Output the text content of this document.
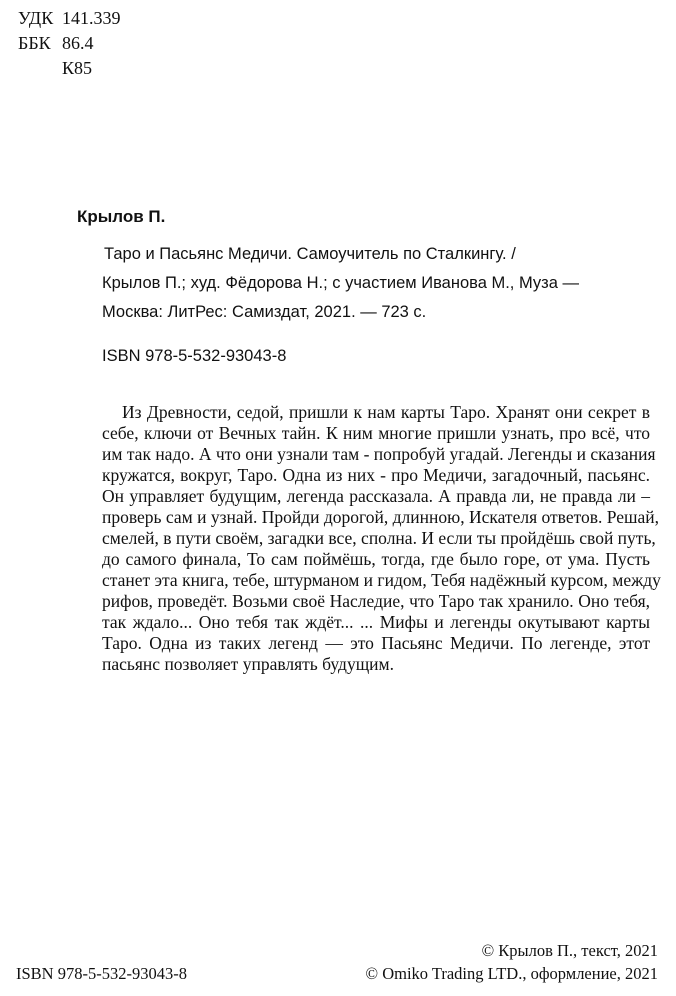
УДК 141.339
ББК 86.4
К85
Крылов П.
Таро и Пасьянс Медичи. Самоучитель по Сталкингу. /
Крылов П.; худ. Фёдорова Н.; с участием Иванова М., Муза —
Москва: ЛитРес: Самиздат, 2021. — 723 с.
ISBN 978-5-532-93043-8
Из Древности, седой, пришли к нам карты Таро. Хранят они секрет в
себе, ключи от Вечных тайн. К ним многие пришли узнать, про всё, что
им так надо. А что они узнали там - попробуй угадай. Легенды и сказания
кружатся, вокруг, Таро. Одна из них - про Медичи, загадочный, пасьянс.
Он управляет будущим, легенда рассказала. А правда ли, не правда ли –
проверь сам и узнай. Пройди дорогой, длинною, Искателя ответов. Решай,
смелей, в пути своём, загадки все, сполна. И если ты пройдёшь свой путь,
до самого финала, То сам поймёшь, тогда, где было горе, от ума. Пусть
станет эта книга, тебе, штурманом и гидом, Тебя надёжный курсом, между
рифов, проведёт. Возьми своё Наследие, что Таро так хранило. Оно тебя,
так ждало... Оно тебя так ждёт... ... Мифы и легенды окутывают карты
Таро. Одна из таких легенд — это Пасьянс Медичи. По легенде, этот
пасьянс позволяет управлять будущим.
© Крылов П., текст, 2021
ISBN 978-5-532-93043-8	© Omiko Trading LTD., оформление, 2021
